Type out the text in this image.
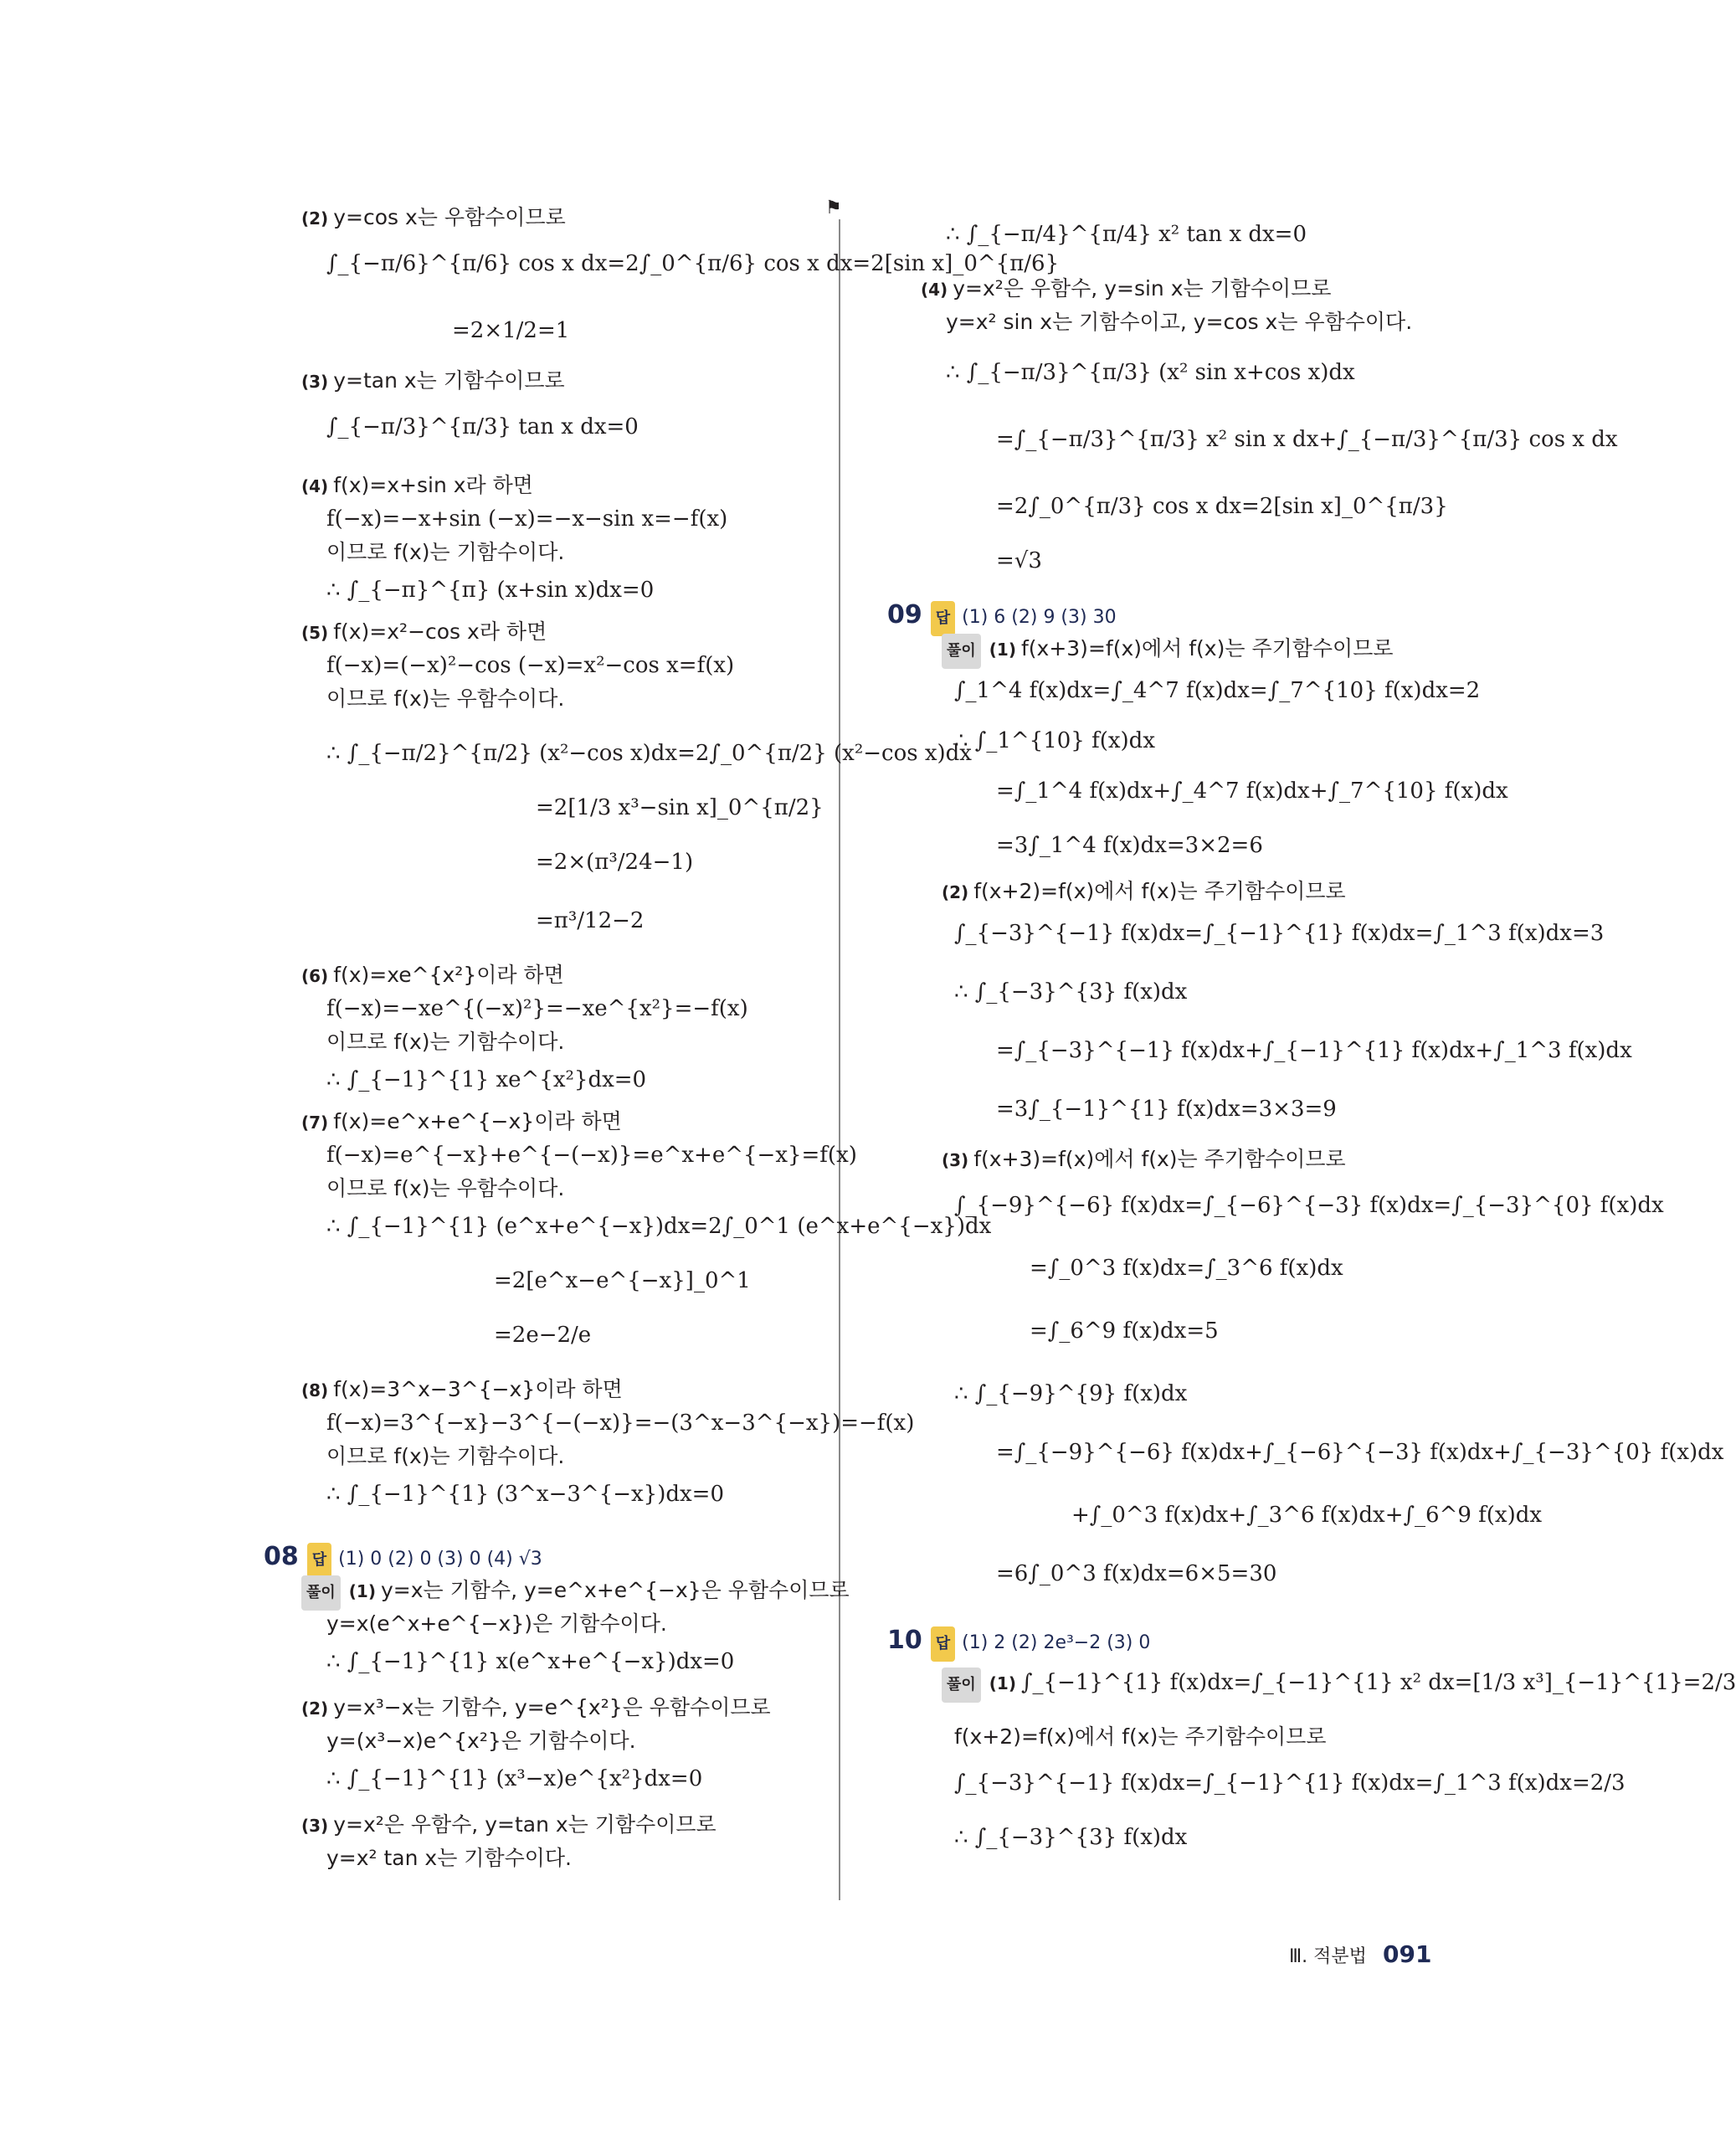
⚑
(2) y=cos x는 우함수이므로
∫_{−π/6}^{π/6} cos x dx=2∫_0^{π/6} cos x dx=2[sin x]_0^{π/6}
=2×1/2=1
(3) y=tan x는 기함수이므로
∫_{−π/3}^{π/3} tan x dx=0
(4) f(x)=x+sin x라 하면
f(−x)=−x+sin (−x)=−x−sin x=−f(x)
이므로 f(x)는 기함수이다.
∴ ∫_{−π}^{π} (x+sin x)dx=0
(5) f(x)=x²−cos x라 하면
f(−x)=(−x)²−cos (−x)=x²−cos x=f(x)
이므로 f(x)는 우함수이다.
∴ ∫_{−π/2}^{π/2} (x²−cos x)dx=2∫_0^{π/2} (x²−cos x)dx
=2[1/3 x³−sin x]_0^{π/2}
=2×(π³/24−1)
=π³/12−2
(6) f(x)=xe^{x²}이라 하면
f(−x)=−xe^{(−x)²}=−xe^{x²}=−f(x)
이므로 f(x)는 기함수이다.
∴ ∫_{−1}^{1} xe^{x²}dx=0
(7) f(x)=e^x+e^{−x}이라 하면
f(−x)=e^{−x}+e^{−(−x)}=e^x+e^{−x}=f(x)
이므로 f(x)는 우함수이다.
∴ ∫_{−1}^{1} (e^x+e^{−x})dx=2∫_0^1 (e^x+e^{−x})dx
=2[e^x−e^{−x}]_0^1
=2e−2/e
(8) f(x)=3^x−3^{−x}이라 하면
f(−x)=3^{−x}−3^{−(−x)}=−(3^x−3^{−x})=−f(x)
이므로 f(x)는 기함수이다.
∴ ∫_{−1}^{1} (3^x−3^{−x})dx=0
08 답 (1) 0 (2) 0 (3) 0 (4) √3
풀이 (1) y=x는 기함수, y=e^x+e^{−x}은 우함수이므로
y=x(e^x+e^{−x})은 기함수이다.
∴ ∫_{−1}^{1} x(e^x+e^{−x})dx=0
(2) y=x³−x는 기함수, y=e^{x²}은 우함수이므로
y=(x³−x)e^{x²}은 기함수이다.
∴ ∫_{−1}^{1} (x³−x)e^{x²}dx=0
(3) y=x²은 우함수, y=tan x는 기함수이므로
y=x² tan x는 기함수이다.
∴ ∫_{−π/4}^{π/4} x² tan x dx=0
(4) y=x²은 우함수, y=sin x는 기함수이므로
y=x² sin x는 기함수이고, y=cos x는 우함수이다.
∴ ∫_{−π/3}^{π/3} (x² sin x+cos x)dx
=∫_{−π/3}^{π/3} x² sin x dx+∫_{−π/3}^{π/3} cos x dx
=2∫_0^{π/3} cos x dx=2[sin x]_0^{π/3}
=√3
09 답 (1) 6 (2) 9 (3) 30
풀이 (1) f(x+3)=f(x)에서 f(x)는 주기함수이므로
∫_1^4 f(x)dx=∫_4^7 f(x)dx=∫_7^{10} f(x)dx=2
∴ ∫_1^{10} f(x)dx
=∫_1^4 f(x)dx+∫_4^7 f(x)dx+∫_7^{10} f(x)dx
=3∫_1^4 f(x)dx=3×2=6
(2) f(x+2)=f(x)에서 f(x)는 주기함수이므로
∫_{−3}^{−1} f(x)dx=∫_{−1}^{1} f(x)dx=∫_1^3 f(x)dx=3
∴ ∫_{−3}^{3} f(x)dx
=∫_{−3}^{−1} f(x)dx+∫_{−1}^{1} f(x)dx+∫_1^3 f(x)dx
=3∫_{−1}^{1} f(x)dx=3×3=9
(3) f(x+3)=f(x)에서 f(x)는 주기함수이므로
∫_{−9}^{−6} f(x)dx=∫_{−6}^{−3} f(x)dx=∫_{−3}^{0} f(x)dx
=∫_0^3 f(x)dx=∫_3^6 f(x)dx
=∫_6^9 f(x)dx=5
∴ ∫_{−9}^{9} f(x)dx
=∫_{−9}^{−6} f(x)dx+∫_{−6}^{−3} f(x)dx+∫_{−3}^{0} f(x)dx
+∫_0^3 f(x)dx+∫_3^6 f(x)dx+∫_6^9 f(x)dx
=6∫_0^3 f(x)dx=6×5=30
10 답 (1) 2 (2) 2e³−2 (3) 0
풀이 (1) ∫_{−1}^{1} f(x)dx=∫_{−1}^{1} x² dx=[1/3 x³]_{−1}^{1}=2/3
f(x+2)=f(x)에서 f(x)는 주기함수이므로
∫_{−3}^{−1} f(x)dx=∫_{−1}^{1} f(x)dx=∫_1^3 f(x)dx=2/3
∴ ∫_{−3}^{3} f(x)dx
Ⅲ. 적분법 091
